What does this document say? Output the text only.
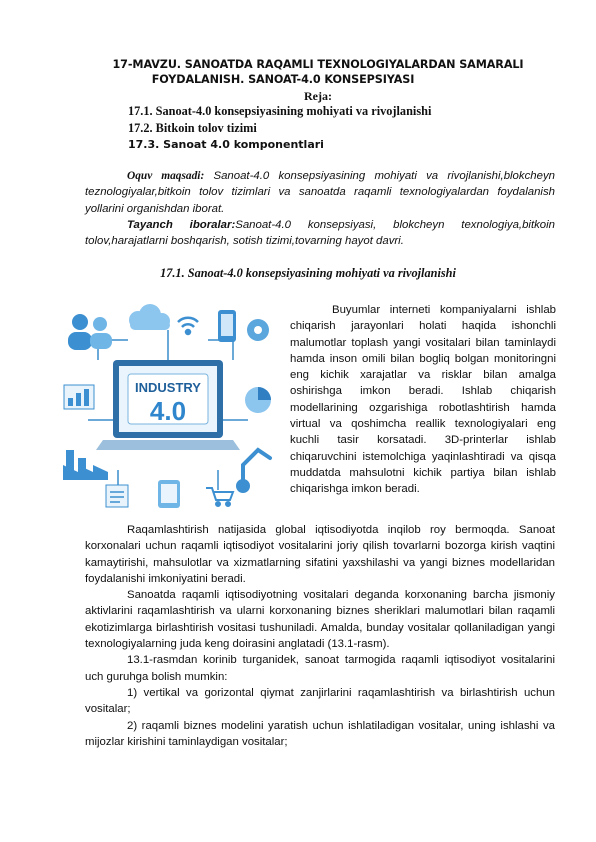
17-MAVZU. SANOATDA RAQAMLI TEXNOLOGIYALARDAN SAMARALI
FOYDALANISH. SANOAT-4.0 KONSEPSIYASI
Reja:
17.1. Sanoat-4.0 konsepsiyasining mohiyati va rivojlanishi
17.2. Bitkoin tolov tizimi
17.3. Sanoat 4.0 komponentlari
Oquv maqsadi: Sanoat-4.0 konsepsiyasining mohiyati va rivojlanishi,blokcheyn teznologiyalar,bitkoin tolov tizimlari va sanoatda raqamli texnologiyalardan foydalanish yollarini organishdan iborat.
Tayanch iboralar:Sanoat-4.0 konsepsiyasi, blokcheyn texnologiya,bitkoin tolov,harajatlarni boshqarish, sotish tizimi,tovarning hayot davri.
17.1. Sanoat-4.0 konsepsiyasining mohiyati va rivojlanishi
INDUSTRY
4.0
Buyumlar interneti kompaniyalarni ishlab chiqarish jarayonlari holati haqida ishonchli malumotlar toplash yangi vositalari bilan taminlaydi hamda inson omili bilan bogliq bolgan monitoringni eng kichik xarajatlar va risklar bilan amalga oshirishga imkon beradi. Ishlab chiqarish modellarining ozgarishiga robotlashtirish hamda virtual va qoshimcha reallik texnologiyalari eng kuchli tasir korsatadi. 3D-printerlar ishlab chiqaruvchini istemolchiga yaqinlashtiradi va qisqa muddatda mahsulotni kichik partiya bilan ishlab chiqarishga imkon beradi.
Raqamlashtirish natijasida global iqtisodiyotda inqilob roy bermoqda. Sanoat korxonalari uchun raqamli iqtisodiyot vositalarini joriy qilish tovarlarni bozorga kirish vaqtini kamaytirishi, mahsulotlar va xizmatlarning sifatini yaxshilashi va yangi biznes modellaridan foydalanishi imkoniyatini beradi.
Sanoatda raqamli iqtisodiyotning vositalari deganda korxonaning barcha jismoniy aktivlarini raqamlashtirish va ularni korxonaning biznes sheriklari malumotlari bilan raqamli ekotizimlarga birlashtirish vositasi tushuniladi. Amalda, bunday vositalar qollaniladigan yangi texnologiyalarning juda keng doirasini anglatadi (13.1-rasm).
13.1-rasmdan korinib turganidek, sanoat tarmogida raqamli iqtisodiyot vositalarini uch guruhga bolish mumkin:
1) vertikal va gorizontal qiymat zanjirlarini raqamlashtirish va birlashtirish uchun vositalar;
2) raqamli biznes modelini yaratish uchun ishlatiladigan vositalar, uning ishlashi va mijozlar kirishini taminlaydigan vositalar;
